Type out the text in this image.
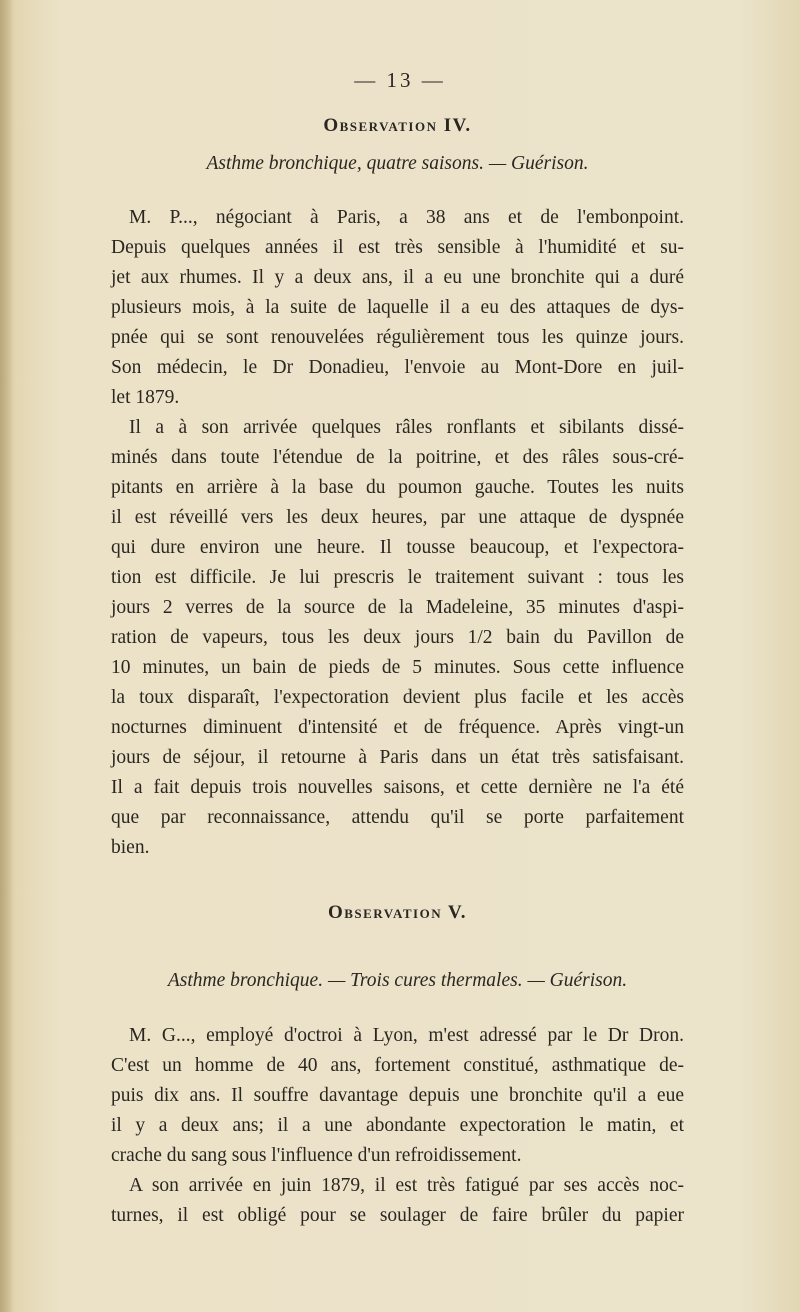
— 13 —

Observation IV.

Asthme bronchique, quatre saisons. — Guérison.

M. P..., négociant à Paris, a 38 ans et de l'embonpoint.
Depuis quelques années il est très sensible à l'humidité et su-
jet aux rhumes. Il y a deux ans, il a eu une bronchite qui a duré
plusieurs mois, à la suite de laquelle il a eu des attaques de dys-
pnée qui se sont renouvelées régulièrement tous les quinze jours.
Son médecin, le Dr Donadieu, l'envoie au Mont-Dore en juil-
let 1879.
Il a à son arrivée quelques râles ronflants et sibilants dissé-
minés dans toute l'étendue de la poitrine, et des râles sous-cré-
pitants en arrière à la base du poumon gauche. Toutes les nuits
il est réveillé vers les deux heures, par une attaque de dyspnée
qui dure environ une heure. Il tousse beaucoup, et l'expectora-
tion est difficile. Je lui prescris le traitement suivant : tous les
jours 2 verres de la source de la Madeleine, 35 minutes d'aspi-
ration de vapeurs, tous les deux jours 1/2 bain du Pavillon de
10 minutes, un bain de pieds de 5 minutes. Sous cette influence
la toux disparaît, l'expectoration devient plus facile et les accès
nocturnes diminuent d'intensité et de fréquence. Après vingt-un
jours de séjour, il retourne à Paris dans un état très satisfaisant.
Il a fait depuis trois nouvelles saisons, et cette dernière ne l'a été
que par reconnaissance, attendu qu'il se porte parfaitement
bien.

Observation V.

Asthme bronchique. — Trois cures thermales. — Guérison.

M. G..., employé d'octroi à Lyon, m'est adressé par le Dr Dron.
C'est un homme de 40 ans, fortement constitué, asthmatique de-
puis dix ans. Il souffre davantage depuis une bronchite qu'il a eue
il y a deux ans; il a une abondante expectoration le matin, et
crache du sang sous l'influence d'un refroidissement.
A son arrivée en juin 1879, il est très fatigué par ses accès noc-
turnes, il est obligé pour se soulager de faire brûler du papier
